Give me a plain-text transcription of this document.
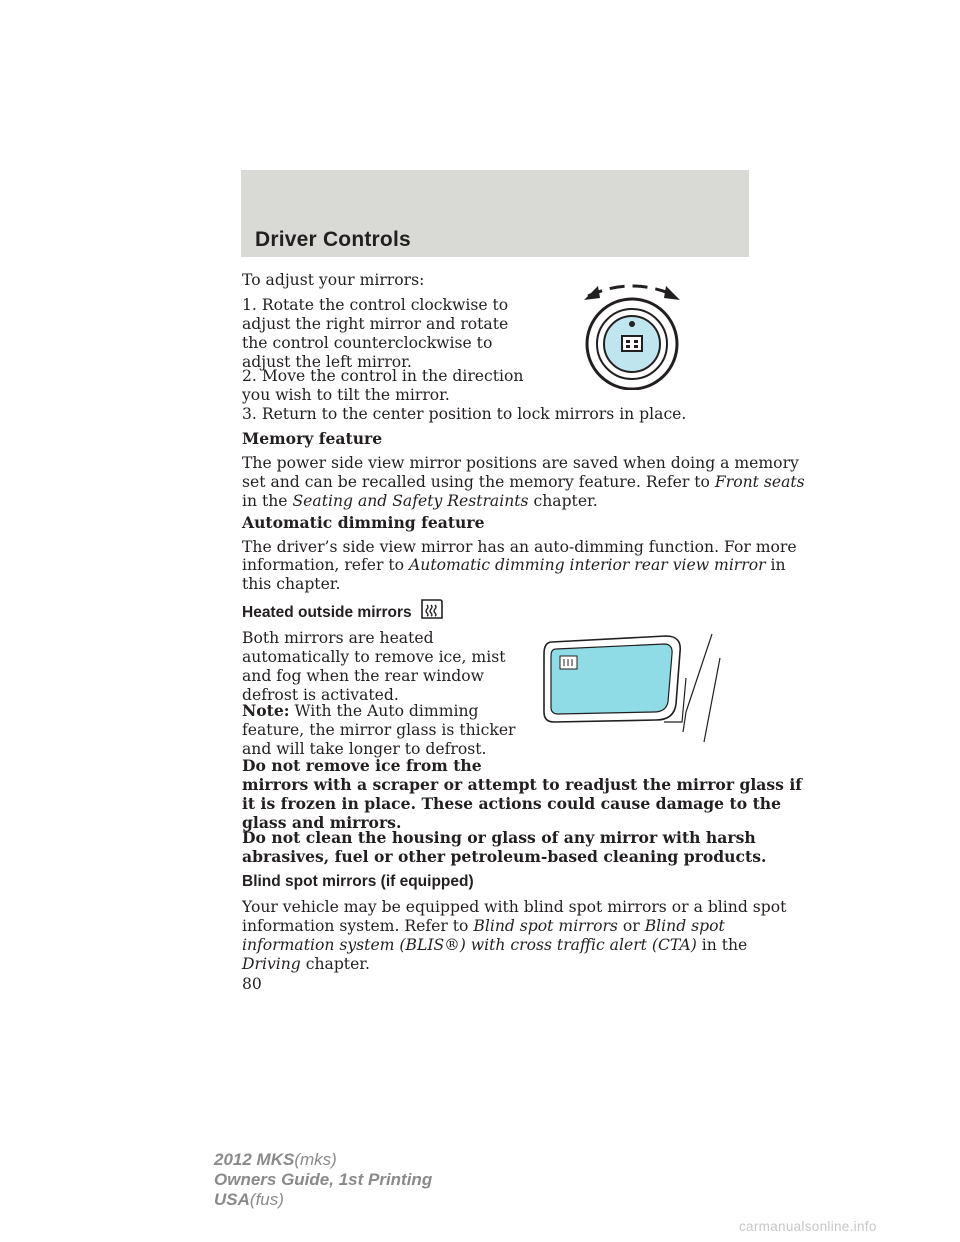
Driver Controls

To adjust your mirrors:

1. Rotate the control clockwise to
adjust the right mirror and rotate
the control counterclockwise to
adjust the left mirror.

2. Move the control in the direction
you wish to tilt the mirror.

3. Return to the center position to lock mirrors in place.

Memory feature

The power side view mirror positions are saved when doing a memory

set and can be recalled using the memory feature. Refer to Front seats

in the Seating and Safety Restraints chapter.

Automatic dimming feature

The driver’s side view mirror has an auto-dimming function. For more

information, refer to Automatic dimming interior rear view mirror in

this chapter.

Heated outside mirrors

Both mirrors are heated
automatically to remove ice, mist
and fog when the rear window
defrost is activated.

Note: With the Auto dimming
feature, the mirror glass is thicker
and will take longer to defrost.

Do not remove ice from the
mirrors with a scraper or attempt to readjust the mirror glass if
it is frozen in place. These actions could cause damage to the
glass and mirrors.

Do not clean the housing or glass of any mirror with harsh
abrasives, fuel or other petroleum-based cleaning products.

Blind spot mirrors (if equipped)

Your vehicle may be equipped with blind spot mirrors or a blind spot

information system. Refer to Blind spot mirrors or Blind spot

information system (BLIS®) with cross traffic alert (CTA) in the

Driving chapter.

80

2012 MKS(mks)
Owners Guide, 1st Printing
USA(fus)

carmanualsonline.info
